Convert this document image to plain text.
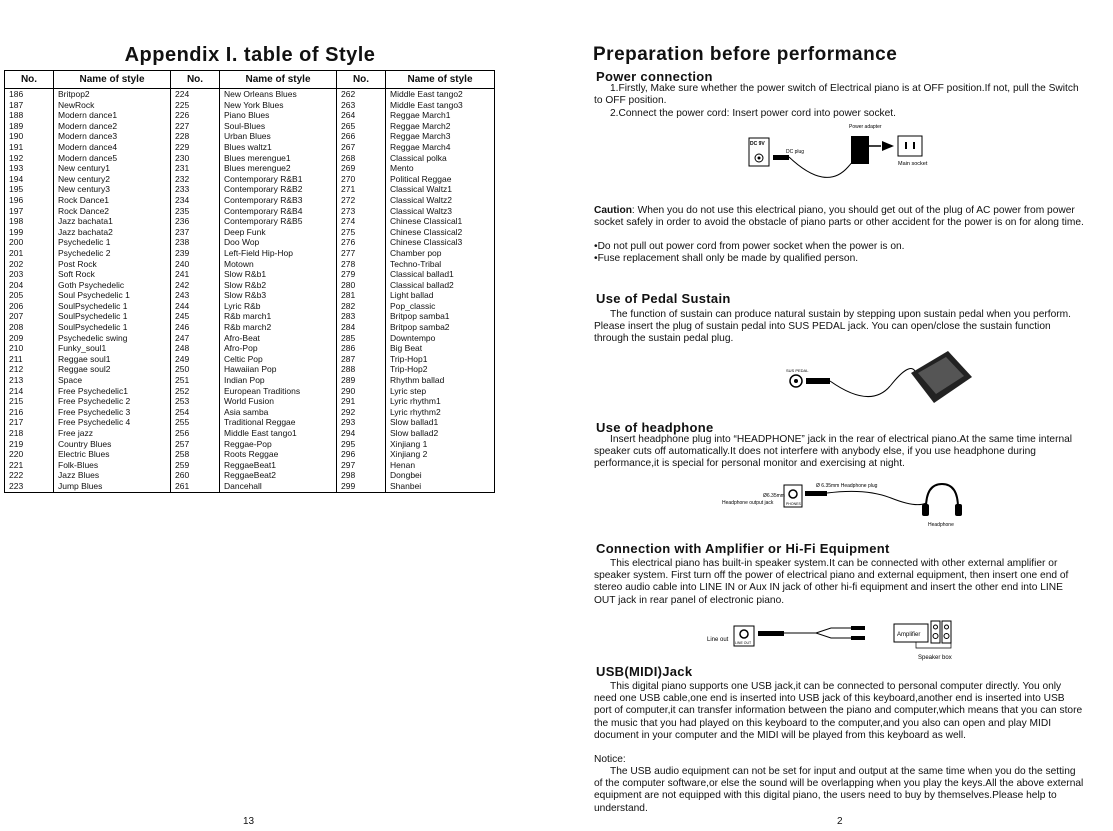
Appendix I. table of Style
No.	Name of style	No.	Name of style	No.	Name of style
186	Britpop2	224	New Orleans Blues	262	Middle East tango2
187	NewRock	225	New York Blues	263	Middle East tango3
188	Modern dance1	226	Piano Blues	264	Reggae March1
189	Modern dance2	227	Soul-Blues	265	Reggae March2
190	Modern dance3	228	Urban Blues	266	Reggae March3
191	Modern dance4	229	Blues waltz1	267	Reggae March4
192	Modern dance5	230	Blues merengue1	268	Classical polka
193	New century1	231	Blues merengue2	269	Mento
194	New century2	232	Contemporary R&B1	270	Political Reggae
195	New century3	233	Contemporary R&B2	271	Classical Waltz1
196	Rock Dance1	234	Contemporary R&B3	272	Classical Waltz2
197	Rock Dance2	235	Contemporary R&B4	273	Classical Waltz3
198	Jazz bachata1	236	Contemporary R&B5	274	Chinese Classical1
199	Jazz bachata2	237	Deep Funk	275	Chinese Classical2
200	Psychedelic 1	238	Doo Wop	276	Chinese Classical3
201	Psychedelic 2	239	Left-Field Hip-Hop	277	Chamber pop
202	Post Rock	240	Motown	278	Techno-Tribal
203	Soft Rock	241	Slow R&b1	279	Classical ballad1
204	Goth Psychedelic	242	Slow R&b2	280	Classical ballad2
205	Soul Psychedelic 1	243	Slow R&b3	281	Light ballad
206	SoulPsychedelic 1	244	Lyric R&b	282	Pop_classic
207	SoulPsychedelic 1	245	R&b march1	283	Britpop samba1
208	SoulPsychedelic 1	246	R&b march2	284	Britpop samba2
209	Psychedelic swing	247	Afro-Beat	285	Downtempo
210	Funky_soul1	248	Afro-Pop	286	Big Beat
211	Reggae soul1	249	Celtic Pop	287	Trip-Hop1
212	Reggae soul2	250	Hawaiian Pop	288	Trip-Hop2
213	Space	251	Indian Pop	289	Rhythm ballad
214	Free Psychedelic1	252	European Traditions	290	Lyric step
215	Free Psychedelic 2	253	World Fusion	291	Lyric rhythm1
216	Free Psychedelic 3	254	Asia samba	292	Lyric rhythm2
217	Free Psychedelic 4	255	Traditional Reggae	293	Slow ballad1
218	Free jazz	256	Middle East tango1	294	Slow ballad2
219	Country Blues	257	Reggae-Pop	295	Xinjiang 1
220	Electric Blues	258	Roots Reggae	296	Xinjiang 2
221	Folk-Blues	259	ReggaeBeat1	297	Henan
222	Jazz Blues	260	ReggaeBeat2	298	Dongbei
223	Jump Blues	261	Dancehall	299	Shanbei
13
Preparation before performance
Power connection
1.Firstly, Make sure whether the power switch of Electrical piano is at OFF position.If not, pull the Switch to OFF position.
2.Connect the power cord: Insert power cord into power socket.
DC 9V
DC plug
Power adapter
Main socket
Caution: When you do not use this electrical piano, you should get out of the plug of AC power from power socket safely in order to avoid the obstacle of piano parts or other accident for the power is on for along time.
•Do not pull out power cord from power socket when the power is on.
•Fuse replacement shall only be made by qualified person.
Use of Pedal Sustain
The function of sustain can produce natural sustain by stepping upon sustain pedal when you perform. Please insert the plug of sustain pedal into SUS PEDAL jack. You can open/close the sustain function through the sustain pedal plug.
SUS PEDAL
Use of headphone
Insert headphone plug into “HEADPHONE” jack in the rear of electrical piano.At the same time internal speaker cuts off automatically.It does not interfere with anybody else, if you use headphone during performance,it is special for personal monitor and exercising at night.
Ø 6.35mm Headphone plug
Ø6.35mm
Headphone output jack	PHONES
Headphone
Connection with Amplifier or Hi-Fi Equipment
This electrical piano has built-in speaker system.It can be connected with other external amplifier or speaker system. First turn off the power of electrical piano and external equipment, then insert one end of stereo audio cable into LINE IN or Aux IN jack of other hi-fi equipment and insert the other end into LINE OUT jack in rear panel of electronic piano.
Line out LINE OUT
Amplifier
Speaker box
USB(MIDI)Jack
This digital piano supports one USB jack,it can be connected to personal computer directly. You only need one USB cable,one end is inserted into USB jack of this keyboard,another end is inserted into USB port of computer,it can transfer information between the piano and computer,which means that you can store the music that you had played on this keyboard to the computer,and you also can open and play MIDI document in your computer and the MIDI will be played from this keyboard as well.
Notice:
The USB audio equipment can not be set for input and output at the same time when you do the setting of the computer software,or else the sound will be overlapping when you play the keys.All the above external equipment are not equipped with this digital piano, the users need to buy by themselves.Please help to understand.
2
